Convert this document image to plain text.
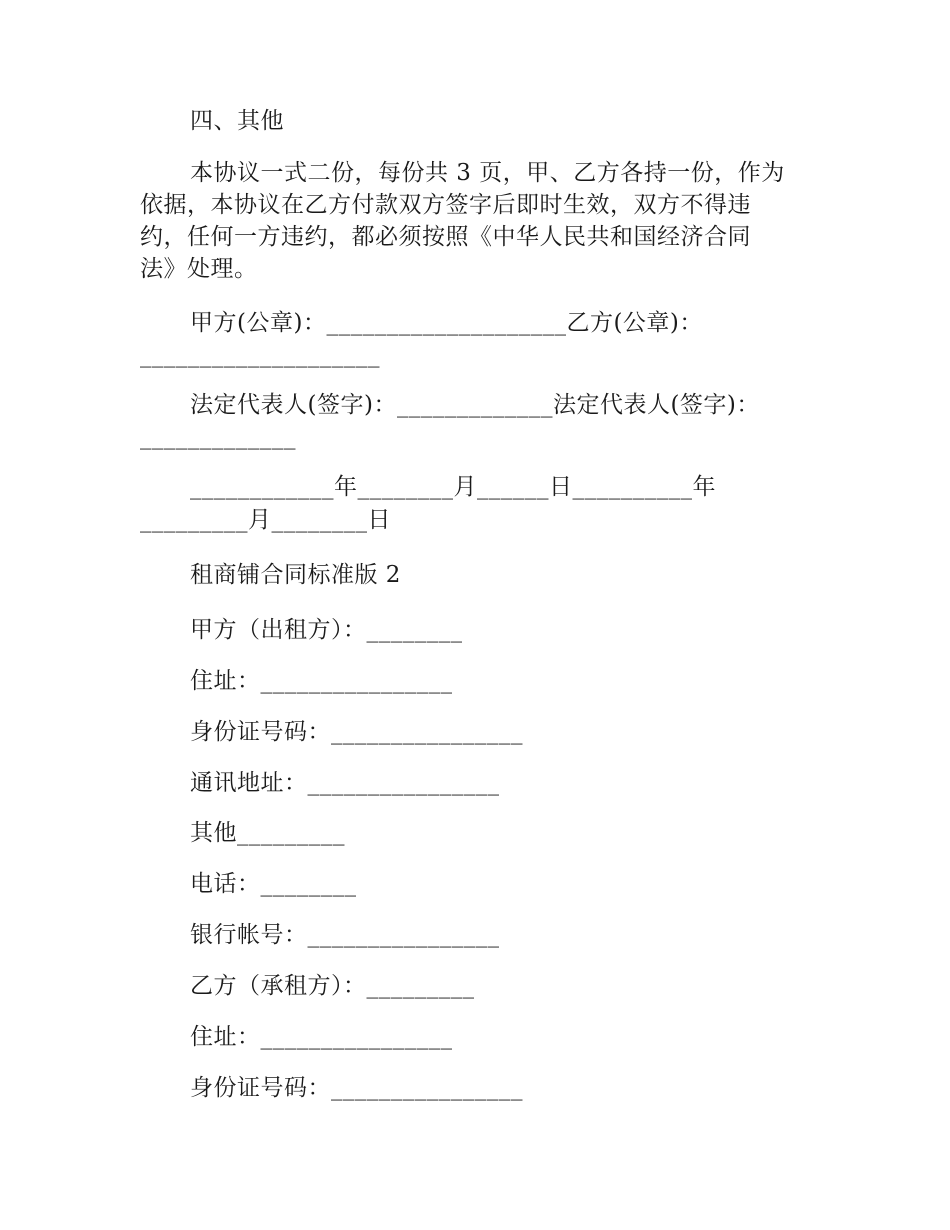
四、其他
本协议一式二份，每份共 3 页，甲、乙方各持一份，作为
依据，本协议在乙方付款双方签字后即时生效，双方不得违
约，任何一方违约，都必须按照《中华人民共和国经济合同
法》处理。
甲方(公章)：____________________乙方(公章)：
____________________
法定代表人(签字)：_____________法定代表人(签字)：
_____________
____________年________月______日__________年
_________月________日
租商铺合同标准版 2
甲方（出租方）：________
住址：________________
身份证号码：________________
通讯地址：________________
其他_________
电话：________
银行帐号：________________
乙方（承租方）：_________
住址：________________
身份证号码：________________
